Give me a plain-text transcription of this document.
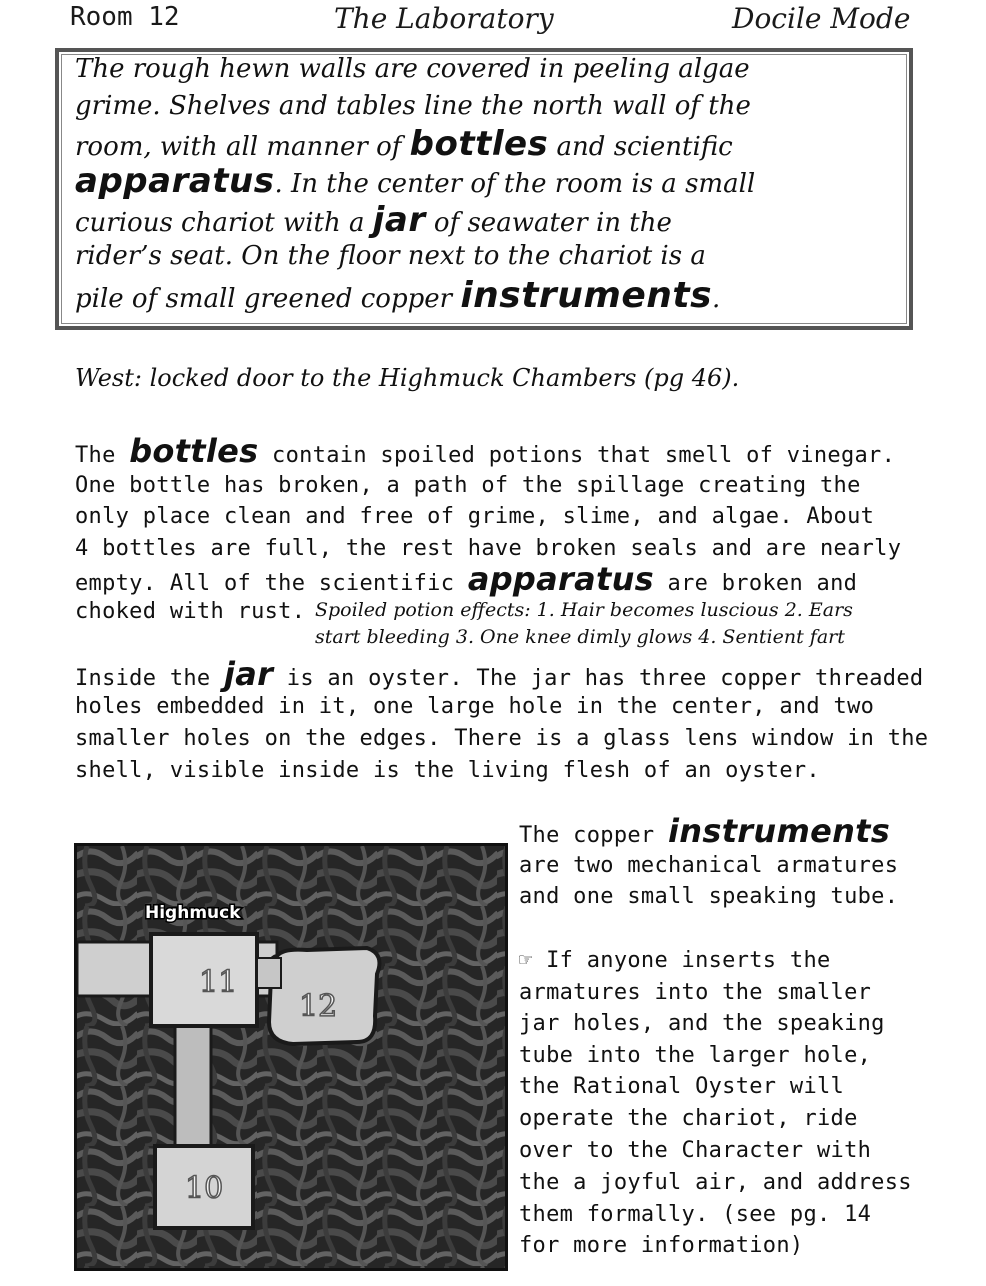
Room 12	The Laboratory	Docile Mode
The rough hewn walls are covered in peeling algae
grime. Shelves and tables line the north wall of the
room, with all manner of bottles and scientific
apparatus. In the center of the room is a small
curious chariot with a jar of seawater in the
rider’s seat. On the floor next to the chariot is a
pile of small greened copper instruments.
West: locked door to the Highmuck Chambers (pg 46).
The bottles contain spoiled potions that smell of vinegar.
One bottle has broken, a path of the spillage creating the
only place clean and free of grime, slime, and algae. About
4 bottles are full, the rest have broken seals and are nearly
empty. All of the scientific apparatus are broken and
choked with rust. Spoiled potion effects: 1. Hair becomes luscious 2. Ears
start bleeding 3. One knee dimly glows 4. Sentient fart
Inside the jar is an oyster. The jar has three copper threaded
holes embedded in it, one large hole in the center, and two
smaller holes on the edges. There is a glass lens window in the
shell, visible inside is the living flesh of an oyster.
The copper instruments
are two mechanical armatures
and one small speaking tube.
☞ If anyone inserts the
armatures into the smaller
jar holes, and the speaking
tube into the larger hole,
the Rational Oyster will
operate the chariot, ride
over to the Character with
the a joyful air, and address
them formally. (see pg. 14
for more information)
Highmuck
11
12
10
